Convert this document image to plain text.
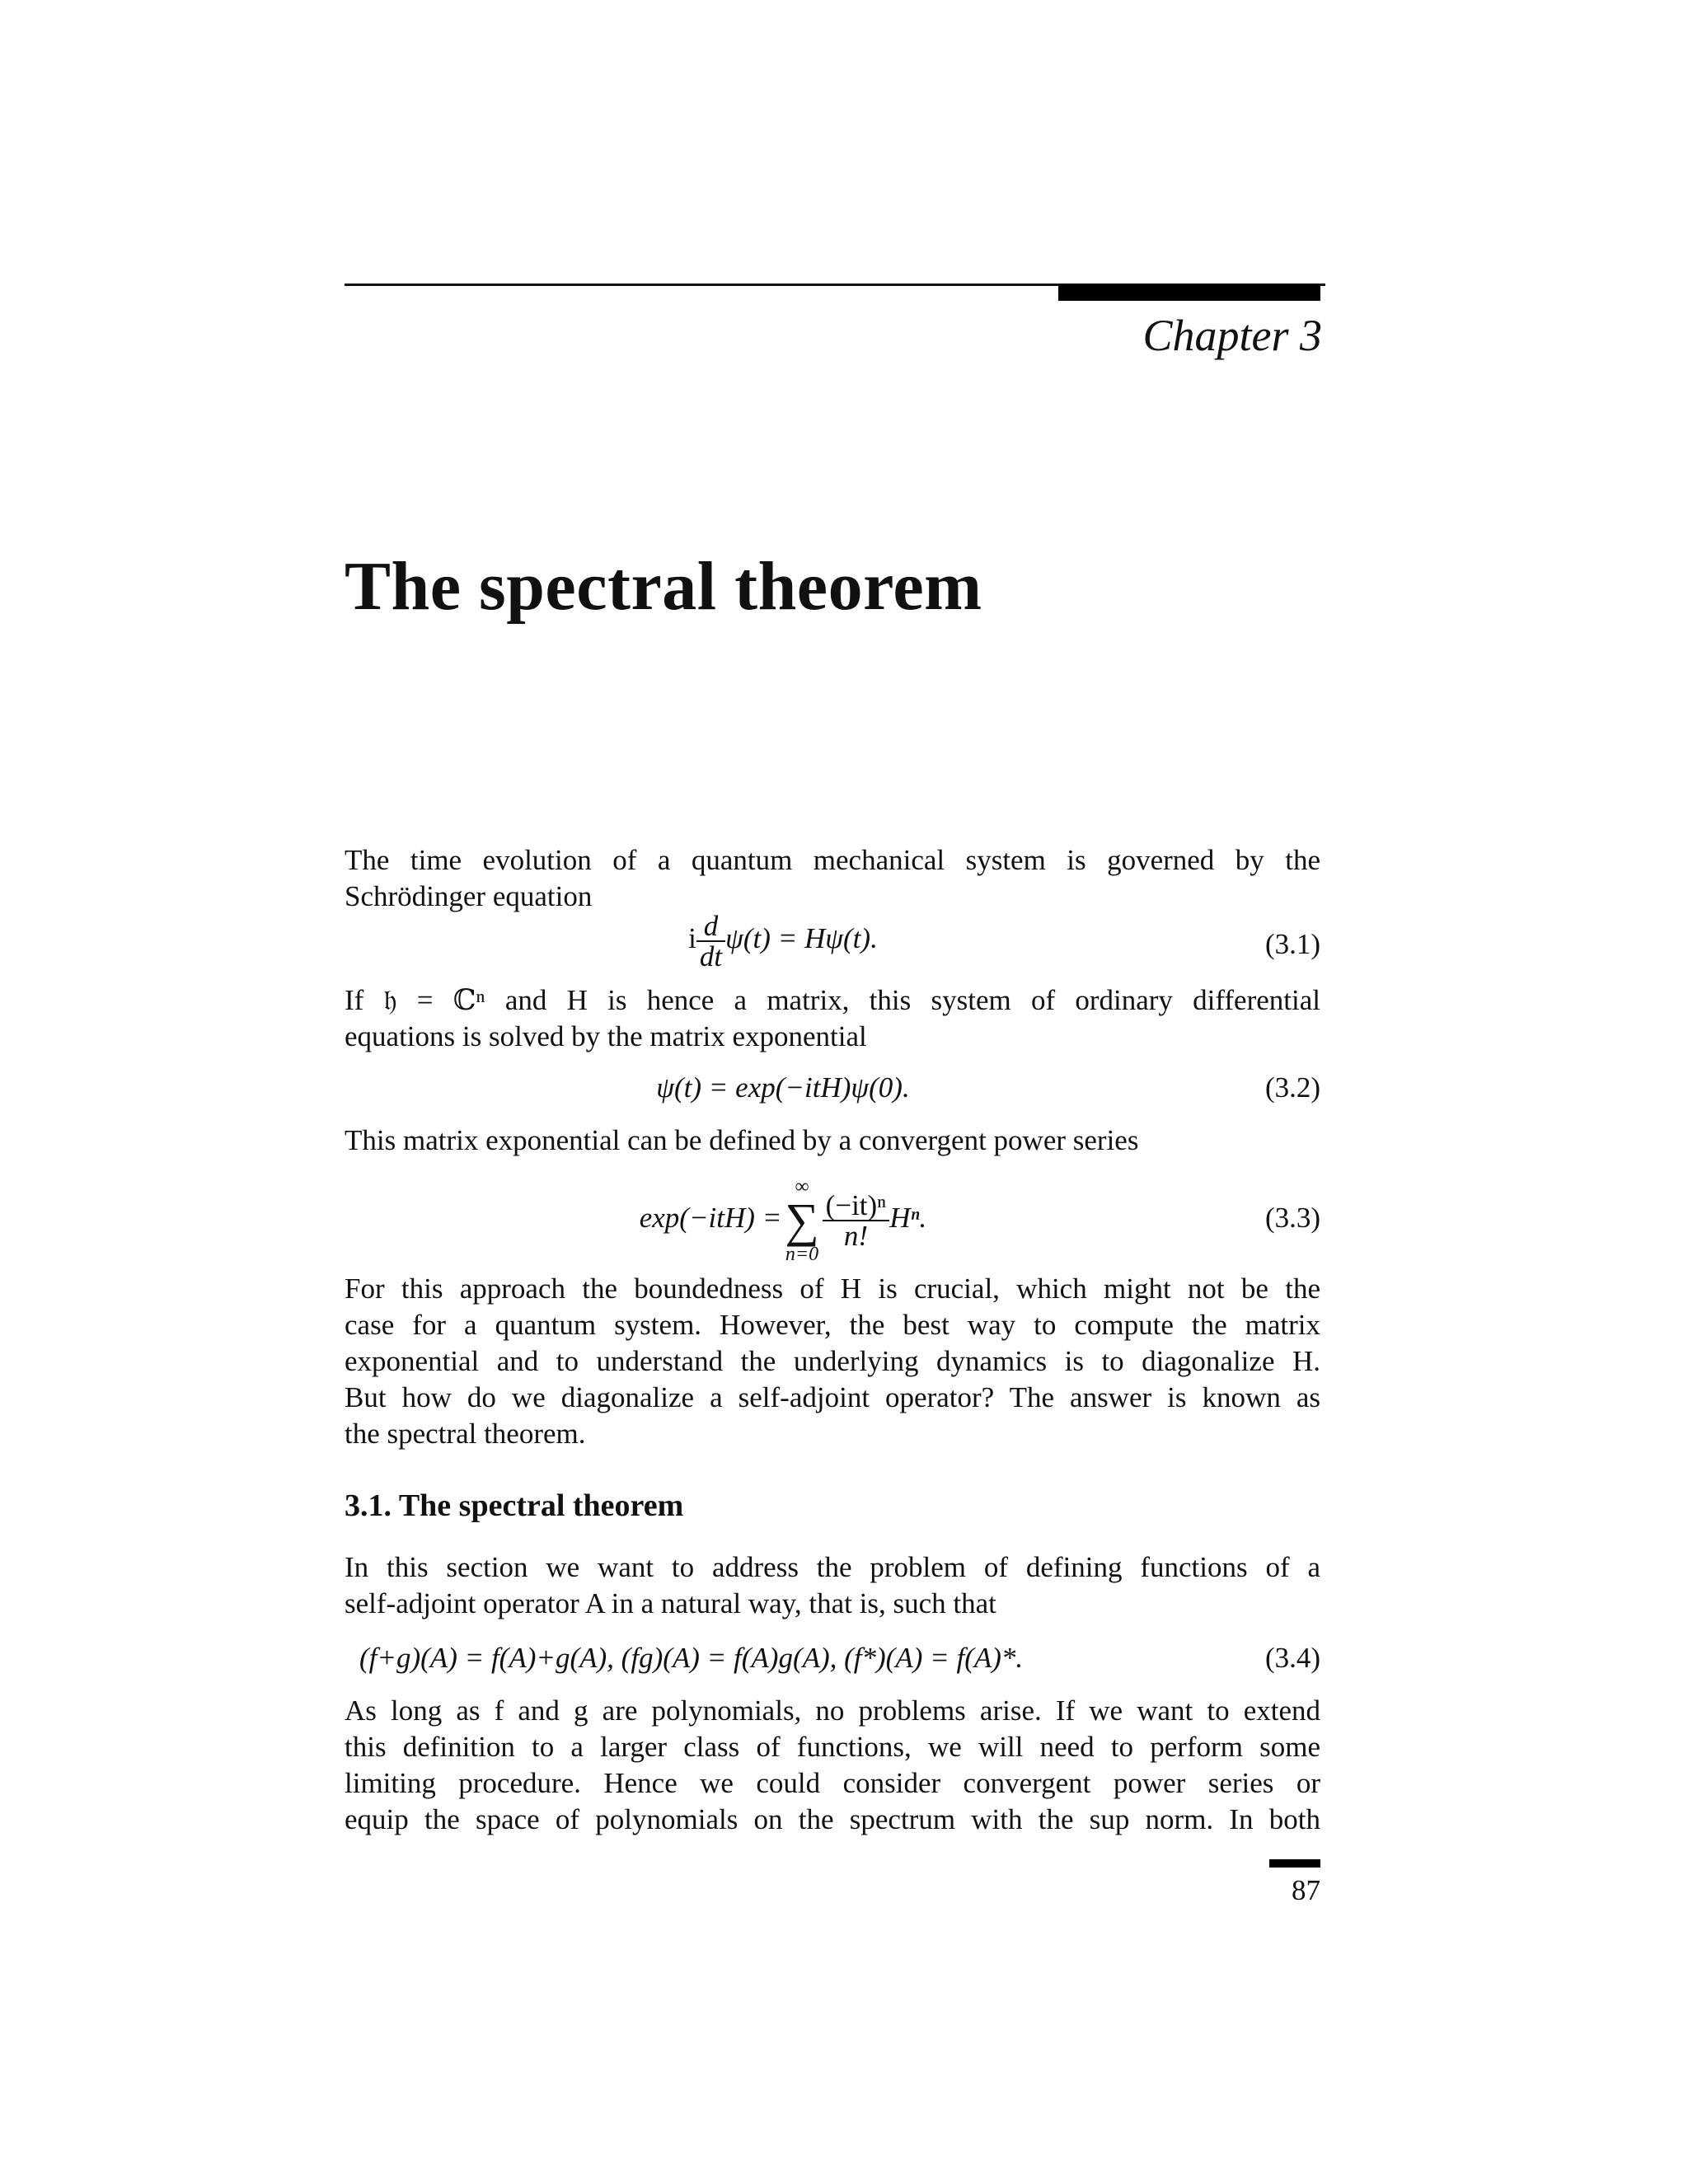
Chapter 3
The spectral theorem
The time evolution of a quantum mechanical system is governed by the
Schrödinger equation
i $\frac{d}{dt} \psi(t) = H\psi(t)$.	(3.1)
If 𝔥 = ℂⁿ and H is hence a matrix, this system of ordinary differential
equations is solved by the matrix exponential
ψ(t) = exp(−itH)ψ(0).	(3.2)
This matrix exponential can be defined by a convergent power series
exp(−itH) =
∞
∑
n=0
$\frac{\text{(−it)ⁿ}}{n!} H^n$.	(3.3)
For this approach the boundedness of H is crucial, which might not be the
case for a quantum system. However, the best way to compute the matrix
exponential and to understand the underlying dynamics is to diagonalize H.
But how do we diagonalize a self-adjoint operator? The answer is known as
the spectral theorem.
3.1. The spectral theorem
In this section we want to address the problem of defining functions of a
self-adjoint operator A in a natural way, that is, such that
(f+g)(A) = f(A)+g(A), (fg)(A) = f(A)g(A), (f*)(A) = f(A)*.	(3.4)
As long as f and g are polynomials, no problems arise. If we want to extend
this definition to a larger class of functions, we will need to perform some
limiting procedure. Hence we could consider convergent power series or
equip the space of polynomials on the spectrum with the sup norm. In both
87
